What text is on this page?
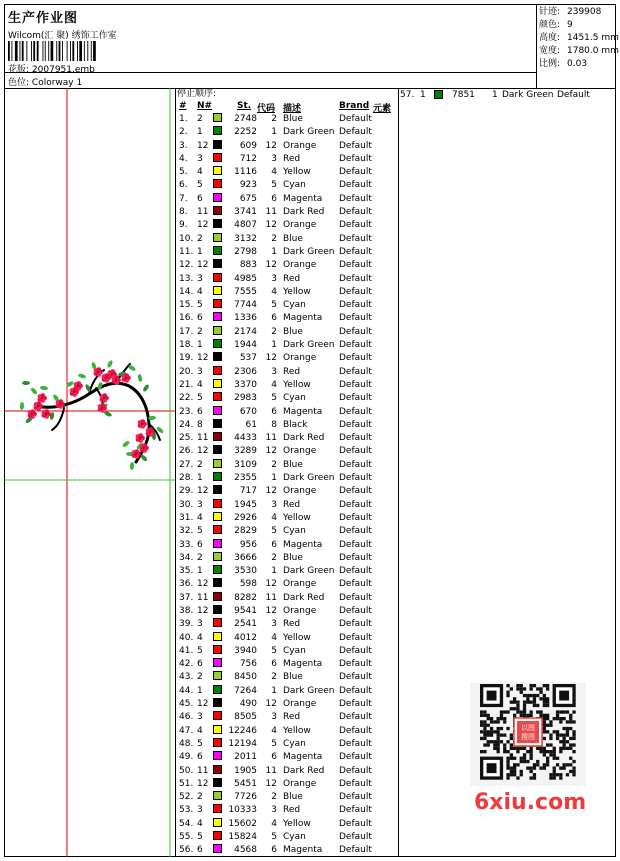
生产作业图
Wilcom(汇 聚) 绣饰工作室
花版: 2007951.emb
色位: Colorway 1
针迹: 239908
颜色: 9
高度: 1451.5 mm
宽度: 1780.0 mm
比例: 0.03
停止顺序:
# N#	St. 代码 描述	Brand 元素
1. 2	2748	2 Blue	Default
2. 1	2252	1 Dark Green Default
3. 12	609 12 Orange	Default
4. 3	712	3 Red	Default
5. 4	1116	4 Yellow	Default
6. 5	923	5 Cyan	Default
7. 6	675	6 Magenta Default
8. 11	3741 11 Dark Red Default
9. 12	4807 12 Orange	Default
10. 2	3132	2 Blue	Default
11. 1	2798	1 Dark Green Default
12. 12	883 12 Orange	Default
13. 3	4985	3 Red	Default
14. 4	7555	4 Yellow	Default
15. 5	7744	5 Cyan	Default
16. 6	1336	6 Magenta Default
17. 2	2174	2 Blue	Default
18. 1	1944	1 Dark Green Default
19. 12	537 12 Orange	Default
20. 3	2306	3 Red	Default
21. 4	3370	4 Yellow	Default
22. 5	2983	5 Cyan	Default
23. 6	670	6 Magenta Default
24. 8	61	8 Black	Default
25. 11	4433 11 Dark Red Default
26. 12	3289 12 Orange	Default
27. 2	3109	2 Blue	Default
28. 1	2355	1 Dark Green Default
29. 12	717 12 Orange	Default
30. 3	1945	3 Red	Default
31. 4	2926	4 Yellow	Default
32. 5	2829	5 Cyan	Default
33. 6	956	6 Magenta Default
34. 2	3666	2 Blue	Default
35. 1	3530	1 Dark Green Default
36. 12	598 12 Orange	Default
37. 11	8282 11 Dark Red Default
38. 12	9541 12 Orange	Default
39. 3	2541	3 Red	Default
40. 4	4012	4 Yellow	Default
41. 5	3940	5 Cyan	Default
42. 6	756	6 Magenta Default
43. 2	8450	2 Blue	Default
44. 1	7264	1 Dark Green Default
45. 12	490 12 Orange	Default
46. 3	8505	3 Red	Default
47. 4	12246	4 Yellow	Default
48. 5	12194	5 Cyan	Default
49. 6	2011	6 Magenta Default
50. 11	1905 11 Dark Red Default
51. 12	5451 12 Orange	Default
52. 2	7726	2 Blue	Default
53. 3	10333	3 Red	Default
54. 4	15602	4 Yellow	Default
55. 5	15824	5 Cyan	Default
56. 6	4568	6 Magenta Default
57. 1	7851 1 Dark Green Default
以图
搜图
6xiu.com
